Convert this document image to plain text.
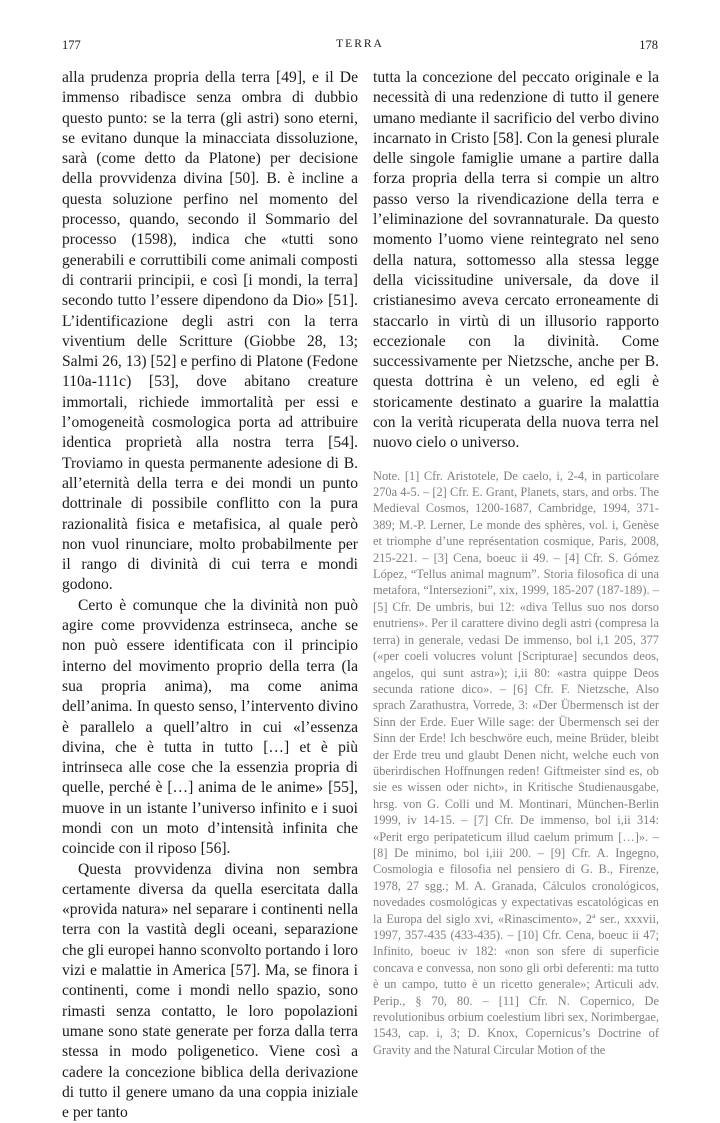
177	TERRA	178

alla prudenza propria della terra [49], e il De immenso ribadisce senza ombra di dubbio questo punto: se la terra (gli astri) sono eterni, se evitano dunque la minacciata dissoluzione, sarà (come detto da Platone) per decisione della provvidenza divina [50]. B. è incline a questa soluzione perfino nel momento del processo, quando, secondo il Sommario del processo (1598), indica che «tutti sono generabili e corruttibili come animali composti di contrarii principii, e così [i mondi, la terra] secondo tutto l’essere dipendono da Dio» [51]. L’identificazione degli astri con la terra viventium delle Scritture (Giobbe 28, 13; Salmi 26, 13) [52] e perfino di Platone (Fedone 110a-111c) [53], dove abitano creature immortali, richiede immortalità per essi e l’omogeneità cosmologica porta ad attribuire identica proprietà alla nostra terra [54]. Troviamo in questa permanente adesione di B. all’eternità della terra e dei mondi un punto dottrinale di possibile conflitto con la pura razionalità fisica e metafisica, al quale però non vuol rinunciare, molto probabilmente per il rango di divinità di cui terra e mondi godono.

Certo è comunque che la divinità non può agire come provvidenza estrinseca, anche se non può essere identificata con il principio interno del movimento proprio della terra (la sua propria anima), ma come anima dell’anima. In questo senso, l’intervento divino è parallelo a quell’altro in cui «l’essenza divina, che è tutta in tutto […] et è più intrinseca alle cose che la essenzia propria di quelle, perché è […] anima de le anime» [55], muove in un istante l’universo infinito e i suoi mondi con un moto d’intensità infinita che coincide con il riposo [56].

Questa provvidenza divina non sembra certamente diversa da quella esercitata dalla «provida natura» nel separare i continenti nella terra con la vastità degli oceani, separazione che gli europei hanno sconvolto portando i loro vizi e malattie in America [57]. Ma, se finora i continenti, come i mondi nello spazio, sono rimasti senza contatto, le loro popolazioni umane sono state generate per forza dalla terra stessa in modo poligenetico. Viene così a cadere la concezione biblica della derivazione di tutto il genere umano da una coppia iniziale e per tanto

tutta la concezione del peccato originale e la necessità di una redenzione di tutto il genere umano mediante il sacrificio del verbo divino incarnato in Cristo [58]. Con la genesi plurale delle singole famiglie umane a partire dalla forza propria della terra si compie un altro passo verso la rivendicazione della terra e l’eliminazione del sovrannaturale. Da questo momento l’uomo viene reintegrato nel seno della natura, sottomesso alla stessa legge della vicissitudine universale, da dove il cristianesimo aveva cercato erroneamente di staccarlo in virtù di un illusorio rapporto eccezionale con la divinità. Come successivamente per Nietzsche, anche per B. questa dottrina è un veleno, ed egli è storicamente destinato a guarire la malattia con la verità ricuperata della nuova terra nel nuovo cielo o universo.

Note. [1] Cfr. Aristotele, De caelo, i, 2-4, in particolare 270a 4-5. – [2] Cfr. E. Grant, Planets, stars, and orbs. The Medieval Cosmos, 1200-1687, Cambridge, 1994, 371-389; M.-P. Lerner, Le monde des sphères, vol. i, Genèse et triomphe d’une représentation cosmique, Paris, 2008, 215-221. – [3] Cena, boeuc ii 49. – [4] Cfr. S. Gómez López, “Tellus animal magnum”. Storia filosofica di una metafora, “Intersezioni”, xix, 1999, 185-207 (187-189). – [5] Cfr. De umbris, bui 12: «diva Tellus suo nos dorso enutriens». Per il carattere divino degli astri (compresa la terra) in generale, vedasi De immenso, bol i,1 205, 377 («per coeli volucres volunt [Scripturae] secundos deos, angelos, qui sunt astra»); i,ii 80: «astra quippe Deos secunda ratione dico». – [6] Cfr. F. Nietzsche, Also sprach Zarathustra, Vorrede, 3: «Der Übermensch ist der Sinn der Erde. Euer Wille sage: der Übermensch sei der Sinn der Erde! Ich beschwöre euch, meine Brüder, bleibt der Erde treu und glaubt Denen nicht, welche euch von überirdischen Hoffnungen reden! Giftmeister sind es, ob sie es wissen oder nicht», in Kritische Studienausgabe, hrsg. von G. Colli und M. Montinari, München-Berlin 1999, iv 14-15. – [7] Cfr. De immenso, bol i,ii 314: «Perit ergo peripateticum illud caelum primum […]». – [8] De minimo, bol i,iii 200. – [9] Cfr. A. Ingegno, Cosmologia e filosofia nel pensiero di G. B., Firenze, 1978, 27 sgg.; M. A. Granada, Cálculos cronológicos, novedades cosmológicas y expectativas escatológicas en la Europa del siglo xvi, «Rinascimento», 2ª ser., xxxvii, 1997, 357-435 (433-435). – [10] Cfr. Cena, boeuc ii 47; Infinito, boeuc iv 182: «non son sfere di superficie concava e convessa, non sono gli orbi deferenti: ma tutto è un campo, tutto è un ricetto generale»; Articuli adv. Perip., § 70, 80. – [11] Cfr. N. Copernico, De revolutionibus orbium coelestium libri sex, Norimbergae, 1543, cap. i, 3; D. Knox, Copernicus’s Doctrine of Gravity and the Natural Circular Motion of the
